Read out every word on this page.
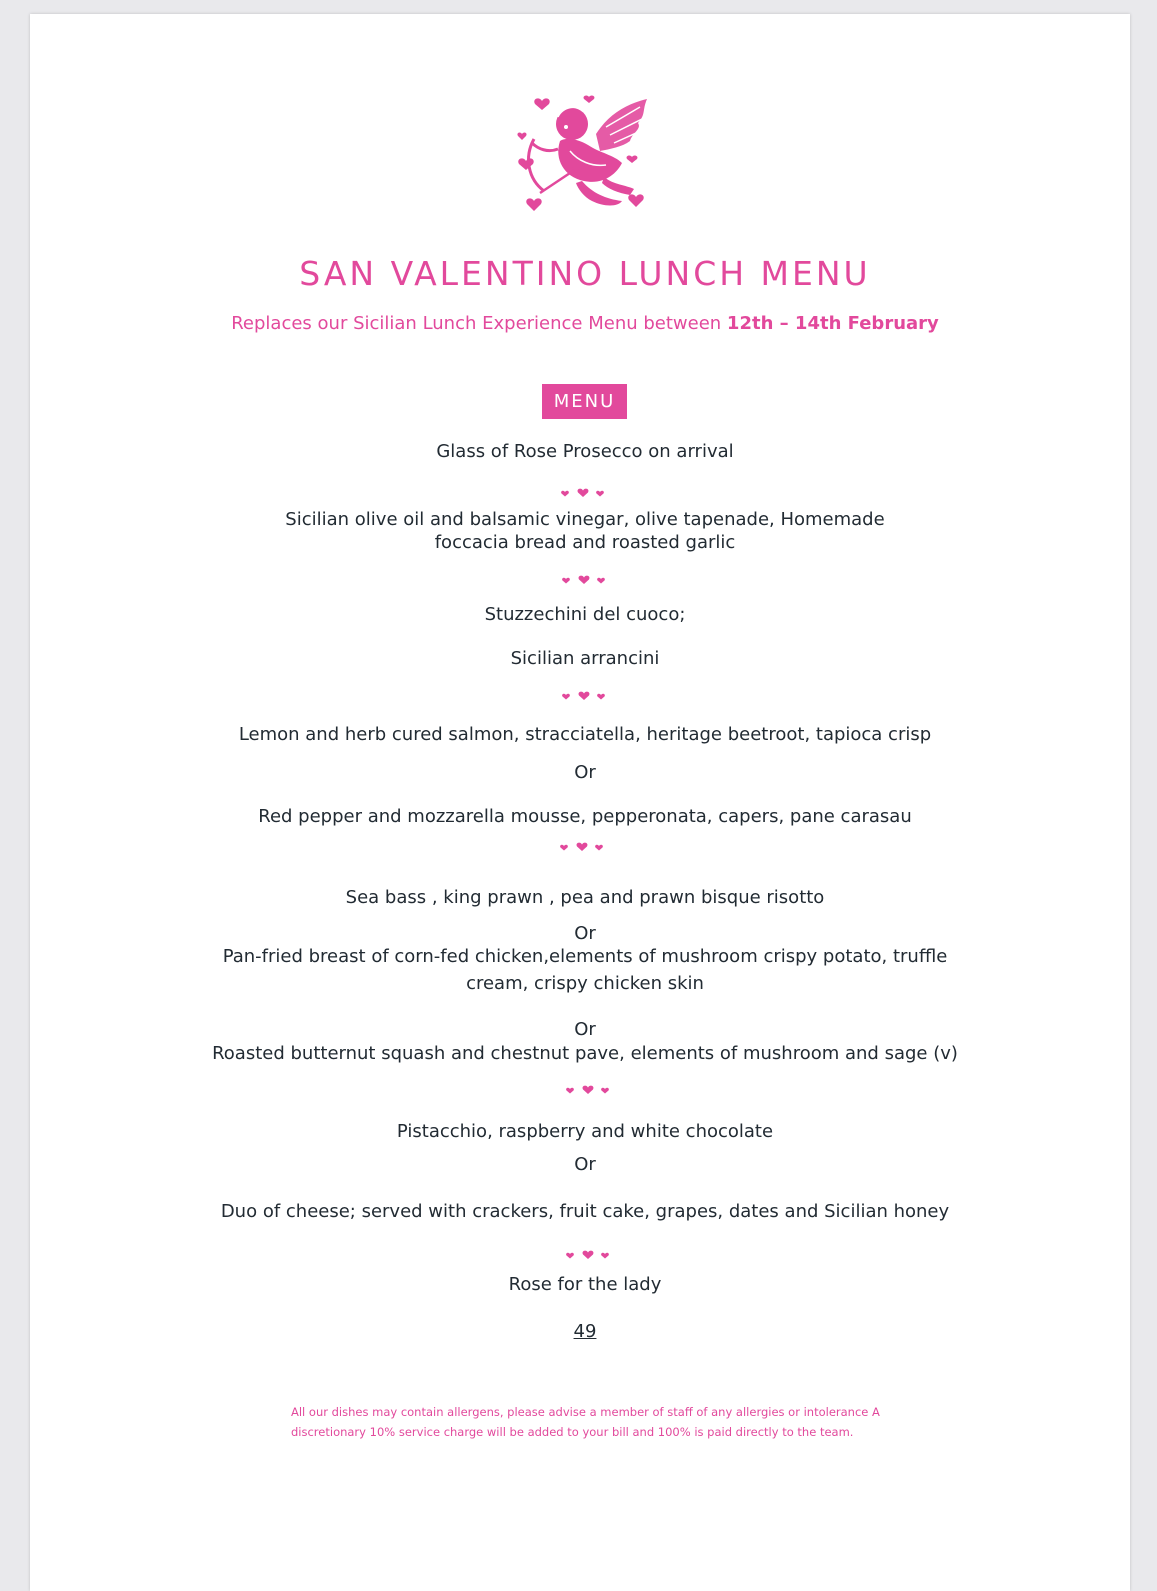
SAN VALENTINO LUNCH MENU
Replaces our Sicilian Lunch Experience Menu between 12th – 14th February
MENU
Glass of Rose Prosecco on arrival
Sicilian olive oil and balsamic vinegar, olive tapenade, Homemade
foccacia bread and roasted garlic
Stuzzechini del cuoco;
Sicilian arrancini
Lemon and herb cured salmon, stracciatella, heritage beetroot, tapioca crisp
Or
Red pepper and mozzarella mousse, pepperonata, capers, pane carasau
Sea bass , king prawn , pea and prawn bisque risotto
Or
Pan-fried breast of corn-fed chicken,elements of mushroom crispy potato, truffle
cream, crispy chicken skin
Or
Roasted butternut squash and chestnut pave, elements of mushroom and sage (v)
Pistacchio, raspberry and white chocolate
Or
Duo of cheese; served with crackers, fruit cake, grapes, dates and Sicilian honey
Rose for the lady
49
All our dishes may contain allergens, please advise a member of staff of any allergies or intolerance A
discretionary 10% service charge will be added to your bill and 100% is paid directly to the team.
